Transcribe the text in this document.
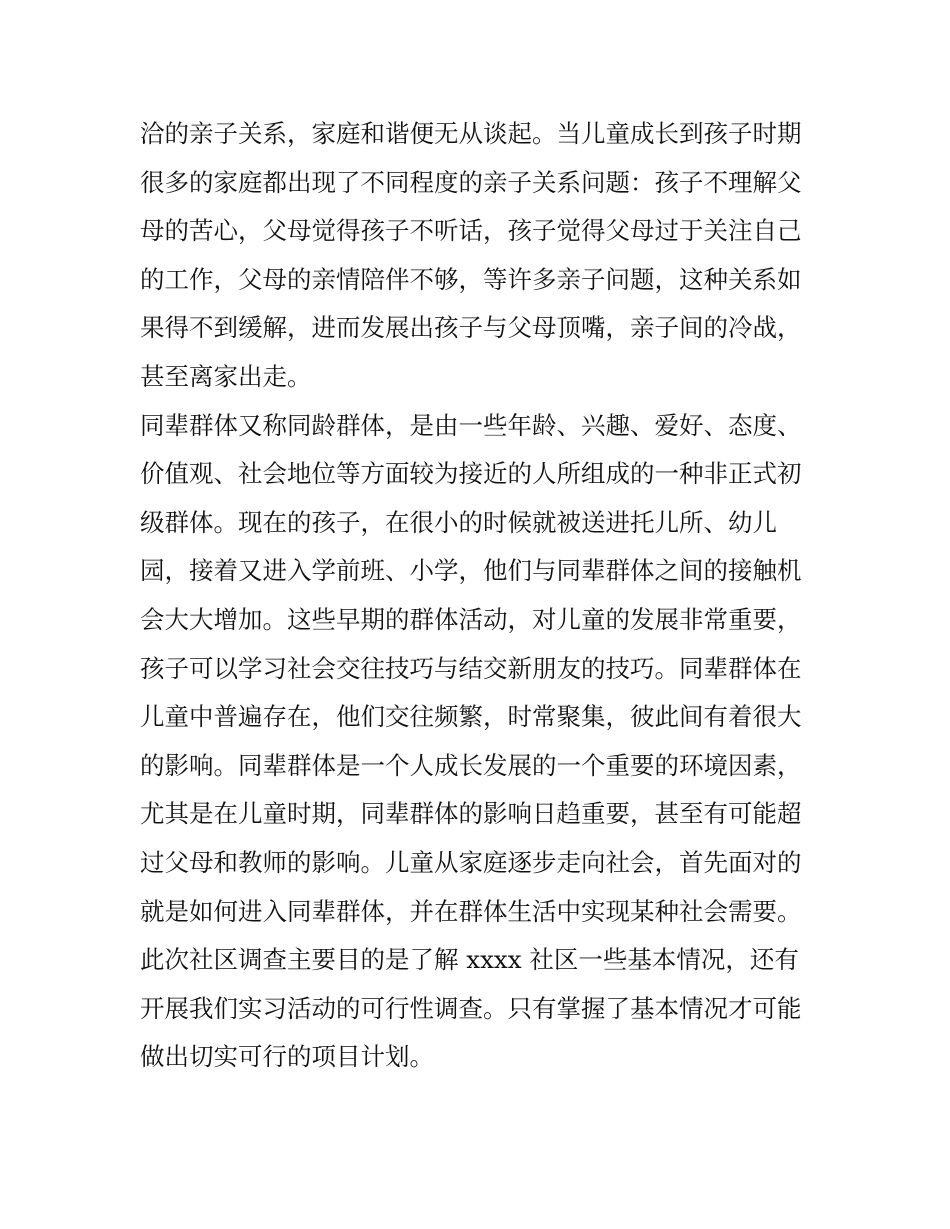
洽的亲子关系，家庭和谐便无从谈起。当儿童成长到孩子时期
很多的家庭都出现了不同程度的亲子关系问题：孩子不理解父
母的苦心，父母觉得孩子不听话，孩子觉得父母过于关注自己
的工作，父母的亲情陪伴不够，等许多亲子问题，这种关系如
果得不到缓解，进而发展出孩子与父母顶嘴，亲子间的冷战，
甚至离家出走。
同辈群体又称同龄群体，是由一些年龄、兴趣、爱好、态度、
价值观、社会地位等方面较为接近的人所组成的一种非正式初
级群体。现在的孩子，在很小的时候就被送进托儿所、幼儿
园，接着又进入学前班、小学，他们与同辈群体之间的接触机
会大大增加。这些早期的群体活动，对儿童的发展非常重要，
孩子可以学习社会交往技巧与结交新朋友的技巧。同辈群体在
儿童中普遍存在，他们交往频繁，时常聚集，彼此间有着很大
的影响。同辈群体是一个人成长发展的一个重要的环境因素，
尤其是在儿童时期，同辈群体的影响日趋重要，甚至有可能超
过父母和教师的影响。儿童从家庭逐步走向社会，首先面对的
就是如何进入同辈群体，并在群体生活中实现某种社会需要。
此次社区调查主要目的是了解 xxxx 社区一些基本情况，还有
开展我们实习活动的可行性调查。只有掌握了基本情况才可能
做出切实可行的项目计划。
